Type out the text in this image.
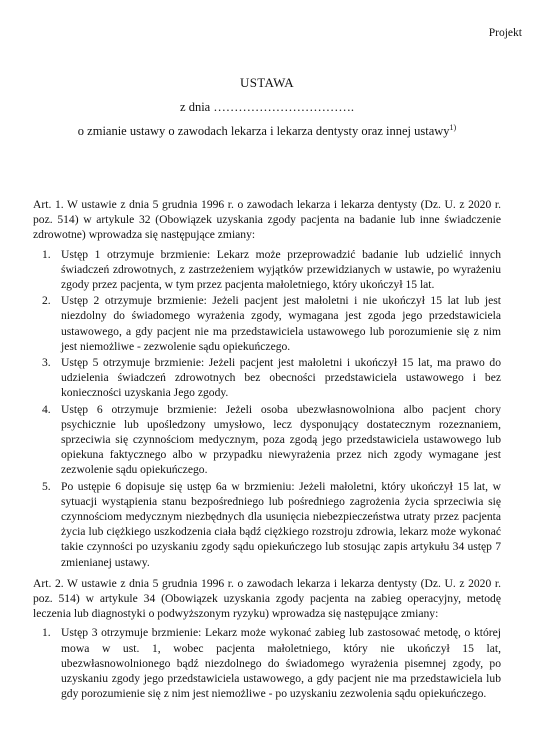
Projekt
USTAWA
z dnia …………………………….
o zmianie ustawy o zawodach lekarza i lekarza dentysty oraz innej ustawy$^{1)}$

Art. 1. W ustawie z dnia 5 grudnia 1996 r. o zawodach lekarza i lekarza dentysty (Dz. U. z 2020 r. poz. 514) w artykule 32 (Obowiązek uzyskania zgody pacjenta na badanie lub inne świadczenie zdrowotne) wprowadza się następujące zmiany:

1. Ustęp 1 otrzymuje brzmienie: Lekarz może przeprowadzić badanie lub udzielić innych świadczeń zdrowotnych, z zastrzeżeniem wyjątków przewidzianych w ustawie, po wyrażeniu zgody przez pacjenta, w tym przez pacjenta małoletniego, który ukończył 15 lat.
2. Ustęp 2 otrzymuje brzmienie: Jeżeli pacjent jest małoletni i nie ukończył 15 lat lub jest niezdolny do świadomego wyrażenia zgody, wymagana jest zgoda jego przedstawiciela ustawowego, a gdy pacjent nie ma przedstawiciela ustawowego lub porozumienie się z nim jest niemożliwe - zezwolenie sądu opiekuńczego.
3. Ustęp 5 otrzymuje brzmienie: Jeżeli pacjent jest małoletni i ukończył 15 lat, ma prawo do udzielenia świadczeń zdrowotnych bez obecności przedstawiciela ustawowego i bez konieczności uzyskania Jego zgody.
4. Ustęp 6 otrzymuje brzmienie: Jeżeli osoba ubezwłasnowolniona albo pacjent chory psychicznie lub upośledzony umysłowo, lecz dysponujący dostatecznym rozeznaniem, sprzeciwia się czynnościom medycznym, poza zgodą jego przedstawiciela ustawowego lub opiekuna faktycznego albo w przypadku niewyrażenia przez nich zgody wymagane jest zezwolenie sądu opiekuńczego.
5. Po ustępie 6 dopisuje się ustęp 6a w brzmieniu: Jeżeli małoletni, który ukończył 15 lat, w sytuacji wystąpienia stanu bezpośredniego lub pośredniego zagrożenia życia sprzeciwia się czynnościom medycznym niezbędnych dla usunięcia niebezpieczeństwa utraty przez pacjenta życia lub ciężkiego uszkodzenia ciała bądź ciężkiego rozstroju zdrowia, lekarz może wykonać takie czynności po uzyskaniu zgody sądu opiekuńczego lub stosując zapis artykułu 34 ustęp 7 zmienianej ustawy.

Art. 2. W ustawie z dnia 5 grudnia 1996 r. o zawodach lekarza i lekarza dentysty (Dz. U. z 2020 r. poz. 514) w artykule 34 (Obowiązek uzyskania zgody pacjenta na zabieg operacyjny, metodę leczenia lub diagnostyki o podwyższonym ryzyku) wprowadza się następujące zmiany:

1. Ustęp 3 otrzymuje brzmienie: Lekarz może wykonać zabieg lub zastosować metodę, o której mowa w ust. 1, wobec pacjenta małoletniego, który nie ukończył 15 lat, ubezwłasnowolnionego bądź niezdolnego do świadomego wyrażenia pisemnej zgody, po uzyskaniu zgody jego przedstawiciela ustawowego, a gdy pacjent nie ma przedstawiciela lub gdy porozumienie się z nim jest niemożliwe - po uzyskaniu zezwolenia sądu opiekuńczego.
